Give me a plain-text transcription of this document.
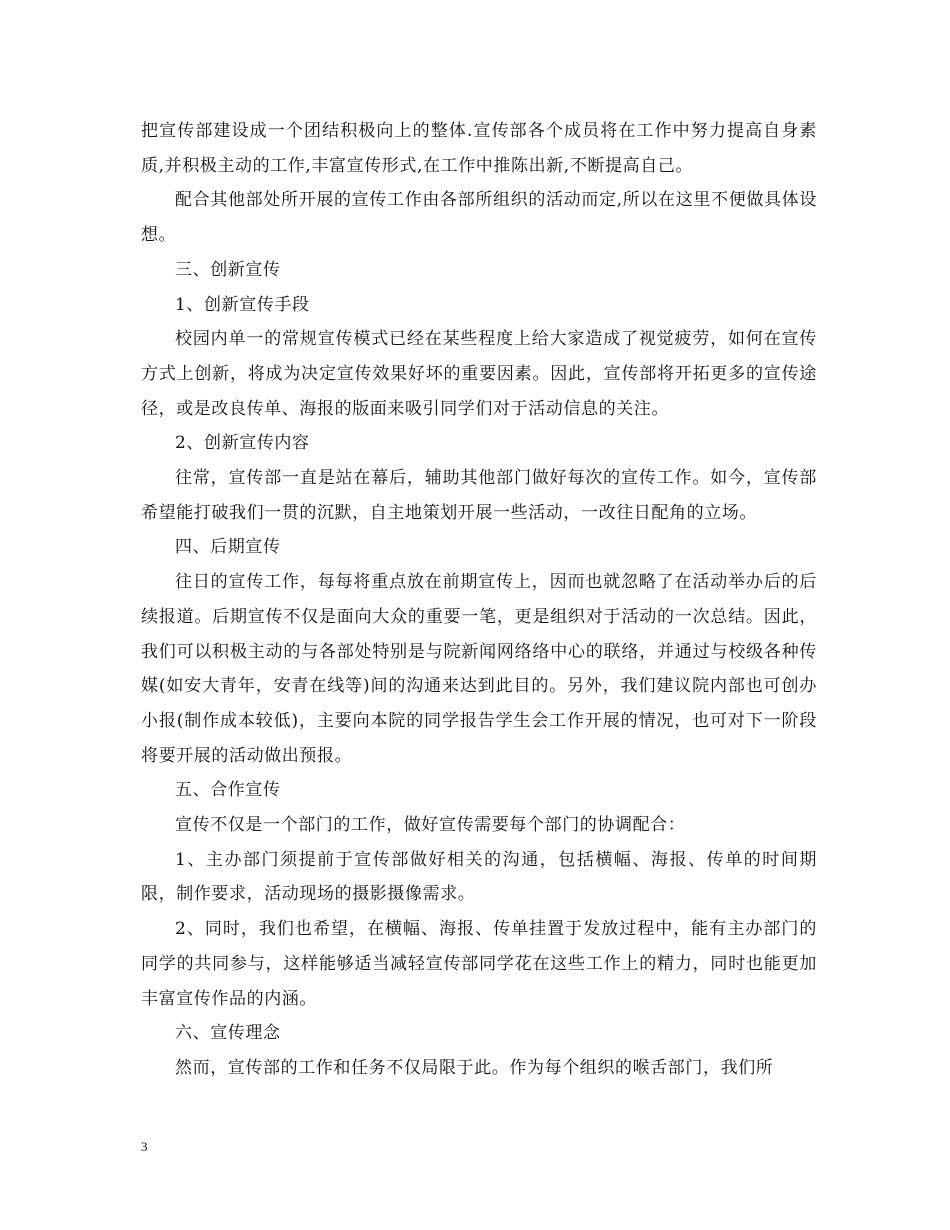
把宣传部建设成一个团结积极向上的整体.宣传部各个成员将在工作中努力提高自身素质,并积极主动的工作,丰富宣传形式,在工作中推陈出新,不断提高自己。

配合其他部处所开展的宣传工作由各部所组织的活动而定,所以在这里不便做具体设想。

三、创新宣传

1、创新宣传手段

校园内单一的常规宣传模式已经在某些程度上给大家造成了视觉疲劳，如何在宣传方式上创新，将成为决定宣传效果好坏的重要因素。因此，宣传部将开拓更多的宣传途径，或是改良传单、海报的版面来吸引同学们对于活动信息的关注。

2、创新宣传内容

往常，宣传部一直是站在幕后，辅助其他部门做好每次的宣传工作。如今，宣传部希望能打破我们一贯的沉默，自主地策划开展一些活动，一改往日配角的立场。

四、后期宣传

往日的宣传工作，每每将重点放在前期宣传上，因而也就忽略了在活动举办后的后续报道。后期宣传不仅是面向大众的重要一笔，更是组织对于活动的一次总结。因此，我们可以积极主动的与各部处特别是与院新闻网络络中心的联络，并通过与校级各种传媒(如安大青年，安青在线等)间的沟通来达到此目的。另外，我们建议院内部也可创办小报(制作成本较低)，主要向本院的同学报告学生会工作开展的情况，也可对下一阶段将要开展的活动做出预报。

五、合作宣传

宣传不仅是一个部门的工作，做好宣传需要每个部门的协调配合：

1、主办部门须提前于宣传部做好相关的沟通，包括横幅、海报、传单的时间期限，制作要求，活动现场的摄影摄像需求。

2、同时，我们也希望，在横幅、海报、传单挂置于发放过程中，能有主办部门的同学的共同参与，这样能够适当减轻宣传部同学花在这些工作上的精力，同时也能更加丰富宣传作品的内涵。

六、宣传理念

然而，宣传部的工作和任务不仅局限于此。作为每个组织的喉舌部门，我们所

3
